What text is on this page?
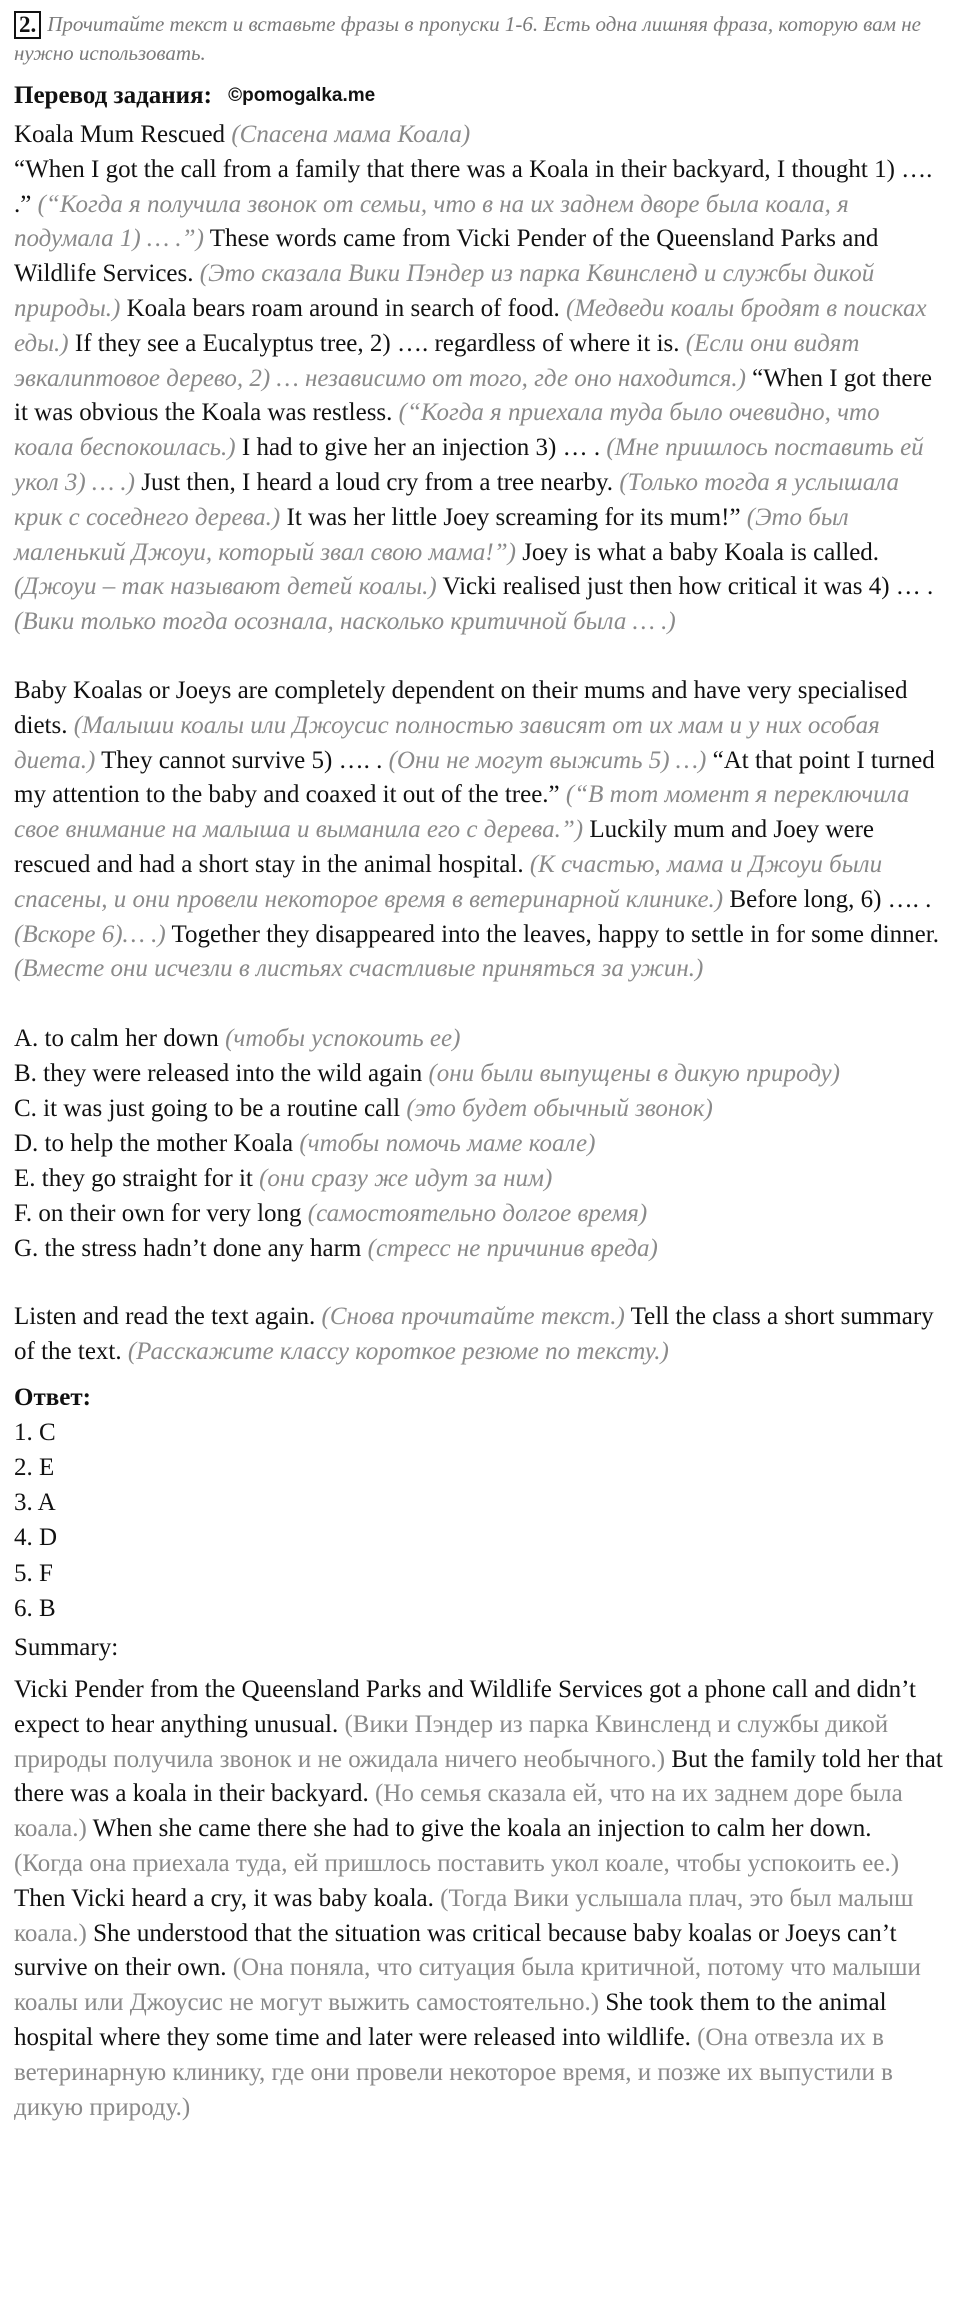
2. Прочитайте текст и вставьте фразы в пропуски 1-6. Есть одна лишняя фраза, которую вам не нужно использовать.
Перевод задания: ©pomogalka.me

Koala Mum Rescued (Спасена мама Коала)
“When I got the call from a family that there was a Koala in their backyard, I thought 1) …. .” (“Когда я получила звонок от семьи, что в на их заднем дворе была коала, я подумала 1) … .”) These words came from Vicki Pender of the Queensland Parks and Wildlife Services. (Это сказала Вики Пэндер из парка Квинсленд и службы дикой природы.) Koala bears roam around in search of food. (Медведи коалы бродят в поисках еды.) If they see a Eucalyptus tree, 2) …. regardless of where it is. (Если они видят эвкалиптовое дерево, 2) … независимо от того, где оно находится.) “When I got there it was obvious the Koala was restless. (“Когда я приехала туда было очевидно, что коала беспокоилась.) I had to give her an injection 3) … . (Мне пришлось поставить ей укол 3) … .) Just then, I heard a loud cry from a tree nearby. (Только тогда я услышала крик с соседнего дерева.) It was her little Joey screaming for its mum!” (Это был маленький Джоуи, который звал свою мама!”) Joey is what a baby Koala is called. (Джоуи – так называют детей коалы.) Vicki realised just then how critical it was 4) … . (Вики только тогда осознала, насколько критичной была … .)

Baby Koalas or Joeys are completely dependent on their mums and have very specialised diets. (Малыши коалы или Джоусис полностью зависят от их мам и у них особая диета.) They cannot survive 5) …. . (Они не могут выжить 5) …) “At that point I turned my attention to the baby and coaxed it out of the tree.” (“В тот момент я переключила свое внимание на малыша и выманила его с дерева.”) Luckily mum and Joey were rescued and had a short stay in the animal hospital. (К счастью, мама и Джоуи были спасены, и они провели некоторое время в ветеринарной клинике.) Before long, 6) …. . (Вскоре 6)… .) Together they disappeared into the leaves, happy to settle in for some dinner. (Вместе они исчезли в листьях счастливые приняться за ужин.)

A. to calm her down (чтобы успокоить ее)
B. they were released into the wild again (они были выпущены в дикую природу)
C. it was just going to be a routine call (это будет обычный звонок)
D. to help the mother Koala (чтобы помочь маме коале)
E. they go straight for it (они сразу же идут за ним)
F. on their own for very long (самостоятельно долгое время)
G. the stress hadn’t done any harm (стресс не причинив вреда)

Listen and read the text again. (Снова прочитайте текст.) Tell the class a short summary of the text. (Расскажите классу короткое резюме по тексту.)

Ответ:
1. C
2. E
3. A
4. D
5. F
6. B
Summary:

Vicki Pender from the Queensland Parks and Wildlife Services got a phone call and didn’t expect to hear anything unusual. (Вики Пэндер из парка Квинсленд и службы дикой природы получила звонок и не ожидала ничего необычного.) But the family told her that there was a koala in their backyard. (Но семья сказала ей, что на их заднем доре была коала.) When she came there she had to give the koala an injection to calm her down. (Когда она приехала туда, ей пришлось поставить укол коале, чтобы успокоить ее.) Then Vicki heard a cry, it was baby koala. (Тогда Вики услышала плач, это был малыш коала.) She understood that the situation was critical because baby koalas or Joeys can’t survive on their own. (Она поняла, что ситуация была критичной, потому что малыши коалы или Джоусис не могут выжить самостоятельно.) She took them to the animal hospital where they some time and later were released into wildlife. (Она отвезла их в ветеринарную клинику, где они провели некоторое время, и позже их выпустили в дикую природу.)
